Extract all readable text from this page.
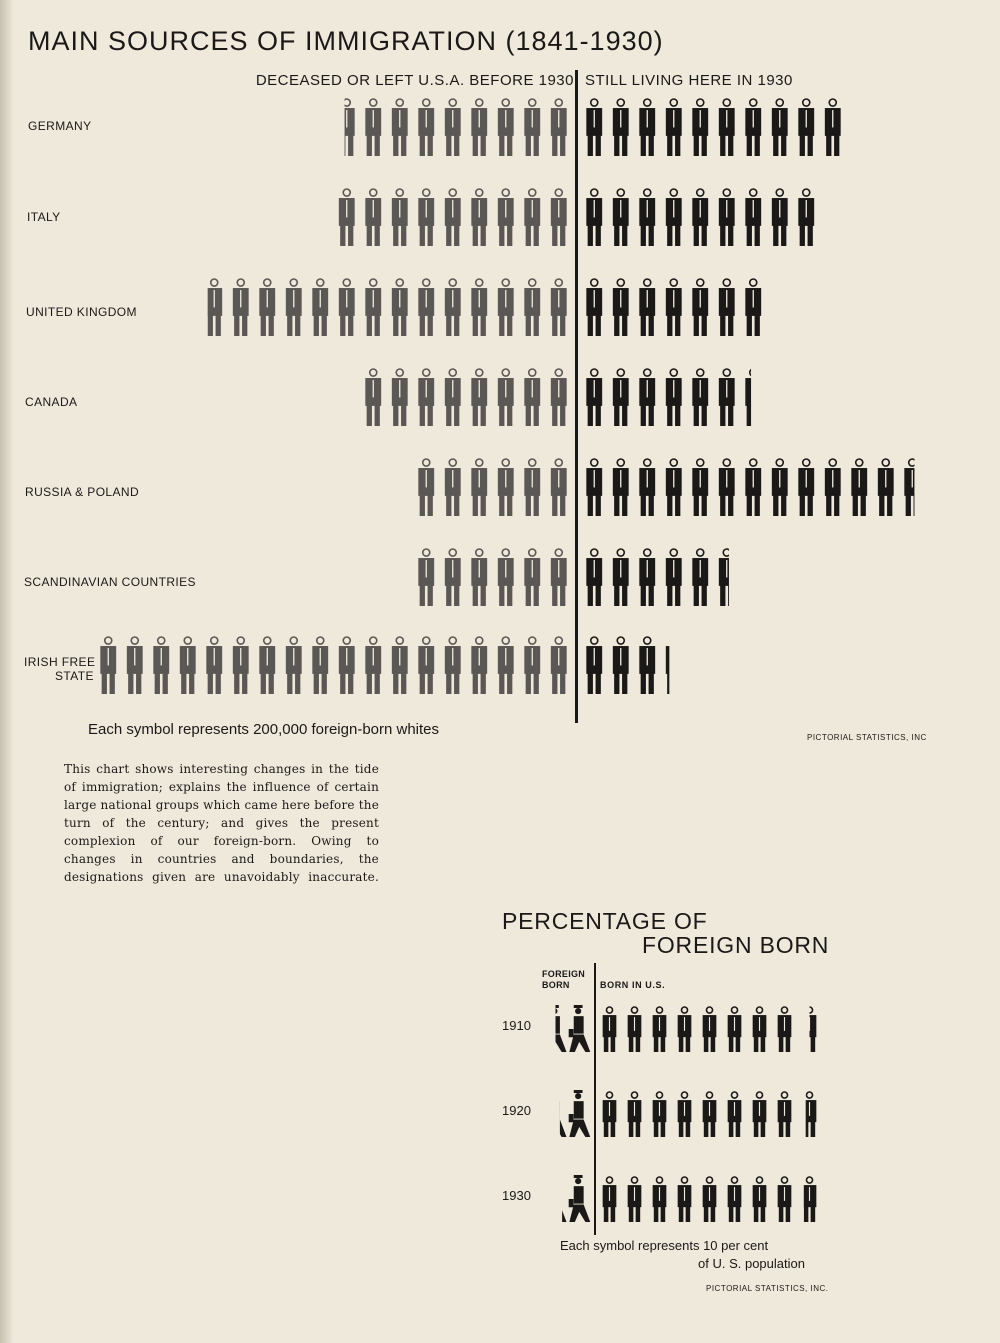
MAIN SOURCES OF IMMIGRATION (1841-1930)
DECEASED OR LEFT U.S.A. BEFORE 1930 STILL LIVING HERE IN 1930
GERMANY
ITALY
UNITED KINGDOM
CANADA
RUSSIA & POLAND
SCANDINAVIAN COUNTRIES
IRISH FREE
STATE
Each symbol represents 200,000 foreign-born whites	PICTORIAL STATISTICS, INC

This chart shows interesting changes in the tide of immigration; explains the influence of certain large national groups which came here before the turn of the century; and gives the present complexion of our foreign-born. Owing to changes in countries and boundaries, the designations given are unavoidably inaccurate.

PERCENTAGE OF
FOREIGN BORN
FOREIGN
BORN	BORN IN U.S.
1910
1920
1930
Each symbol represents 10 per cent
of U. S. population
PICTORIAL STATISTICS, INC.
